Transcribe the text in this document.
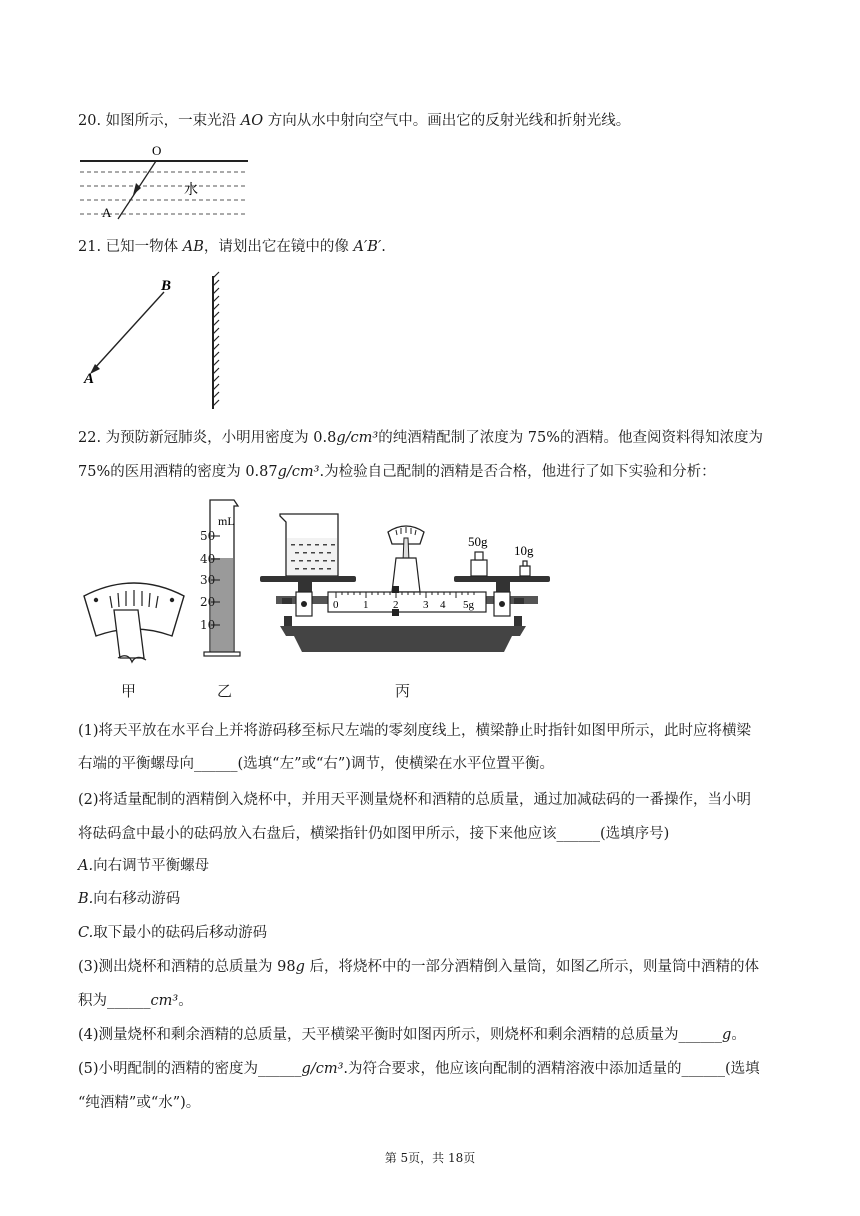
20. 如图所示，一束光沿 AO 方向从水中射向空气中。画出它的反射光线和折射光线。
O
A
水
21. 已知一物体 AB，请划出它在镜中的像 A′B′.
B
A
22. 为预防新冠肺炎，小明用密度为 0.8g/cm³的纯酒精配制了浓度为 75%的酒精。他查阅资料得知浓度为
75%的医用酒精的密度为 0.87g/cm³.为检验自己配制的酒精是否合格，他进行了如下实验和分析：
mL
50
40
30
20
10
50g
10g
0 1 2 3 4 5g
甲	乙	丙
(1)将天平放在水平台上并将游码移至标尺左端的零刻度线上，横梁静止时指针如图甲所示，此时应将横梁
右端的平衡螺母向______(选填“左”或“右”)调节，使横梁在水平位置平衡。
(2)将适量配制的酒精倒入烧杯中，并用天平测量烧杯和酒精的总质量，通过加减砝码的一番操作，当小明
将砝码盒中最小的砝码放入右盘后，横梁指针仍如图甲所示，接下来他应该______(选填序号)
A.向右调节平衡螺母
B.向右移动游码
C.取下最小的砝码后移动游码
(3)测出烧杯和酒精的总质量为 98g 后，将烧杯中的一部分酒精倒入量筒，如图乙所示，则量筒中酒精的体
积为______cm³。
(4)测量烧杯和剩余酒精的总质量，天平横梁平衡时如图丙所示，则烧杯和剩余酒精的总质量为______g。
(5)小明配制的酒精的密度为______g/cm³.为符合要求，他应该向配制的酒精溶液中添加适量的______(选填
“纯酒精”或“水”)。
第 5页，共 18页
